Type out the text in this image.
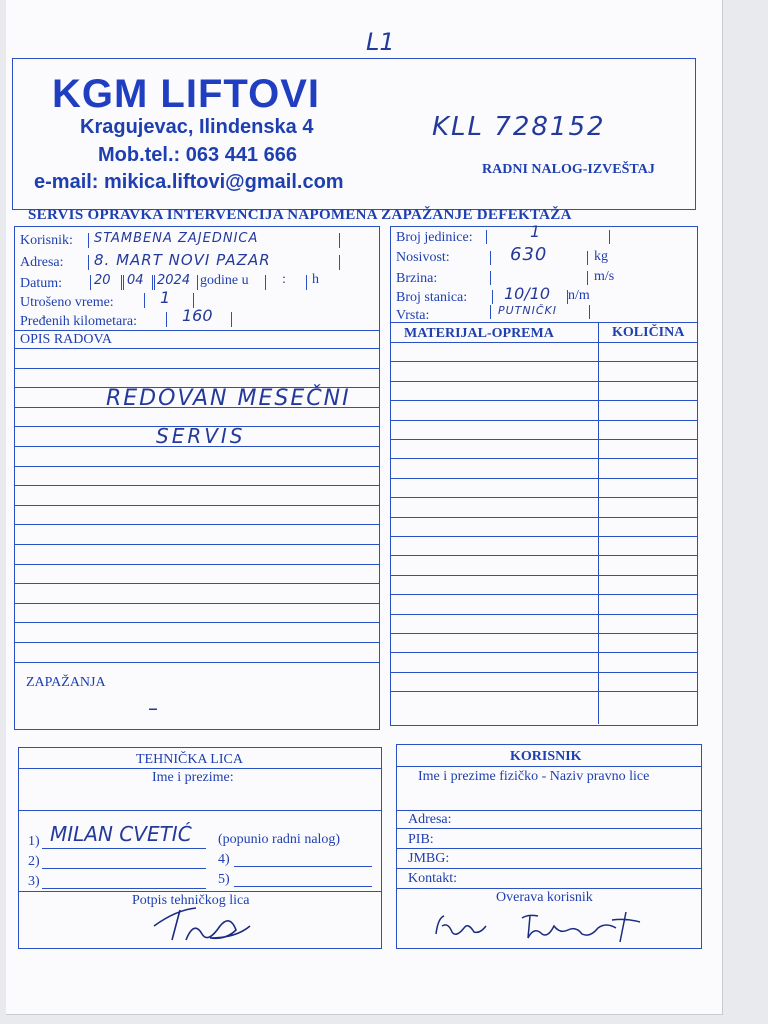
L1
KGM LIFTOVI
Kragujevac, Ilindenska 4
Mob.tel.: 063 441 666
e-mail: mikica.liftovi@gmail.com
KLL 728152
RADNI NALOG-IZVEŠTAJ
SERVIS OPRAVKA INTERVENCIJA NAPOMENA ZAPAŽANJE DEFEKTAŽA
Korisnik: STAMBENA ZAJEDNICA
Adresa: 8. MART NOVI PAZAR
Datum: 20 04 2024 godine u : h
Utrošeno vreme:	1
Pređenih kilometara:	160
OPIS RADOVA
REDOVAN MESEČNI
SERVIS
ZAPAŽANJA
–
Broj jedinice:	1
Nosivost:	630	kg
Brzina:	m/s
Broj stanica: 10/10 n/m
Vrsta:	PUTNIČKI
MATERIJAL-OPREMA	KOLIČINA
TEHNIČKA LICA
Ime i prezime:
1) MILAN CVETIĆ (popunio radni nalog)
2)	4)
3)	5)
Potpis tehničkog lica
KORISNIK
Ime i prezime fizičko - Naziv pravno lice
Adresa:
PIB:
JMBG:
Kontakt:
Overava korisnik
